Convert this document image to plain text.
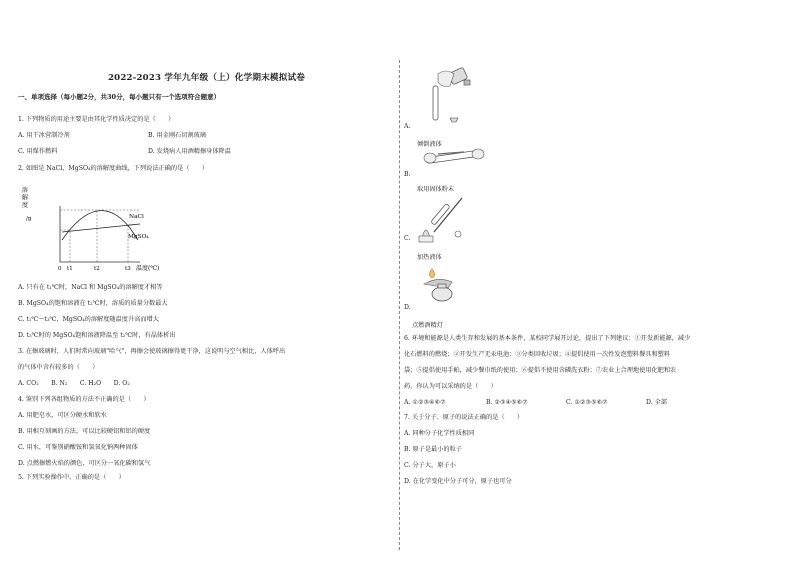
2022-2023 学年九年级（上）化学期末模拟试卷
一、单项选择（每小题2分，共30分，每小题只有一个选项符合题意）
1. 下列物质的用途主要是由其化学性质决定的是（　　）
A. 用干冰营制冷剂	B. 用金刚石切割玻璃
C. 用煤作燃料	D. 发烧病人用酒精擦身体降温
2. 如图是 NaCl、MgSO₄的溶解度曲线，下列说法正确的是（　　）
溶解度
/g	NaCl
MgSO₄
0 t1	t2	t3 温度(℃)
A. 只有在 t₁℃时，NaCl 和 MgSO₄的溶解度才相等
B. MgSO₄的饱和溶液在 t₂℃时，溶质的质量分数最大
C. t₁℃～t₃℃，MgSO₄的溶解度随温度升高而增大
D. t₃℃时的 MgSO₄饱和溶液降温至 t₂℃时，有晶体析出
3. 在擦玻璃时，人们时常向玻璃"哈气"，再擦会使玻璃擦得更干净，这说明与空气相比，人体呼出
的气体中含有较多的（　　）
A. CO₂　　B. N₂　　C. H₂O　　D. O₂
4. 鉴别下列各组物质的方法不正确的是（　　）
A. 用肥皂水，可区分硬水和软水
B. 用相互刻画的方法，可以比较硬铝和铝的硬度
C. 用水，可鉴别硝酸铵和氢氧化钠两种固体
D. 点燃擦燃火焰的颜色，可区分一氧化碳和氢气
5. 下列实验操作中，正确的是（　　）
A.
倾倒液体
B.
取用固体粉末
C.
加热液体
D.
点燃酒精灯
6. 环境和能源是人类生存和发展的基本条件，某校同学展开讨论，提出了下列建议：①开发新能源，减少
化石燃料的燃烧；②开发生产无汞电池；③分类回收垃圾；④提倡使用一次性发泡塑料餐具和塑料
袋；⑤提倡使用手帕，减少餐巾纸的使用；⑥提倡不使用含磷洗衣粉；⑦农业上合理地使用化肥和农
药。你认为可以采纳的是（　　）
A. ①②③④⑥⑦	B. ②③④⑤⑥⑦	C. ①②③⑤⑥⑦	D. 全部
7. 关于分子、原子的说法正确的是（　　）
A. 同种分子化学性质相同
B. 原子是最小的粒子
C. 分子大，原子小
D. 在化学变化中分子可分，原子也可分
